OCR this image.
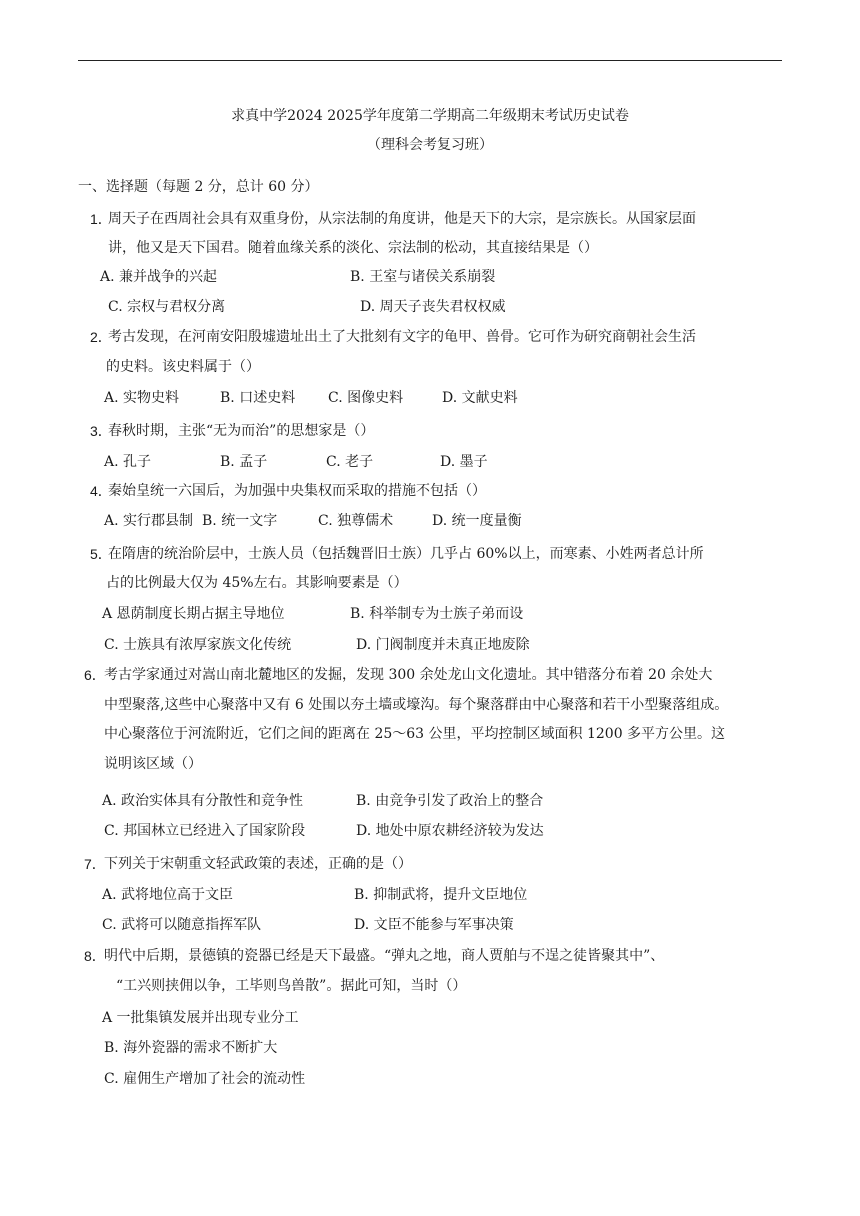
求真中学2024 2025学年度第二学期高二年级期末考试历史试卷
（理科会考复习班）
一、选择题（每题 2 分，总计 60 分）
1．
周天子在西周社会具有双重身份，从宗法制的角度讲，他是天下的大宗，是宗族长。从国家层面
讲，他又是天下国君。随着血缘关系的淡化、宗法制的松动，其直接结果是（）
A. 兼并战争的兴起	B. 王室与诸侯关系崩裂
C. 宗权与君权分离	D. 周天子丧失君权权威
2．
考古发现，在河南安阳殷墟遗址出土了大批刻有文字的龟甲、兽骨。它可作为研究商朝社会生活
的史料。该史料属于（）
A. 实物史料	B. 口述史料 C. 图像史料	D. 文献史料
3．
春秋时期，主张“无为而治”的思想家是（）
A. 孔子	B. 孟子	C. 老子	D. 墨子
4．
秦始皇统一六国后，为加强中央集权而采取的措施不包括（）
A. 实行郡县制 B. 统一文字	C. 独尊儒术	D. 统一度量衡
5．
在隋唐的统治阶层中，士族人员（包括魏晋旧士族）几乎占 60%以上，而寒素、小姓两者总计所
占的比例最大仅为 45%左右。其影响要素是（）
A 恩荫制度长期占据主导地位	B. 科举制专为士族子弟而设
C. 士族具有浓厚家族文化传统	D. 门阀制度并未真正地废除
6．
考古学家通过对嵩山南北麓地区的发掘，发现 300 余处龙山文化遗址。其中错落分布着 20 余处大
中型聚落,这些中心聚落中又有 6 处围以夯土墙或壕沟。每个聚落群由中心聚落和若干小型聚落组成。
中心聚落位于河流附近，它们之间的距离在 25～63 公里，平均控制区域面积 1200 多平方公里。这
说明该区域（）
A. 政治实体具有分散性和竞争性	B. 由竞争引发了政治上的整合
C. 邦国林立已经进入了国家阶段	D. 地处中原农耕经济较为发达
7．
下列关于宋朝重文轻武政策的表述，正确的是（）
A. 武将地位高于文臣	B. 抑制武将，提升文臣地位
C. 武将可以随意指挥军队	D. 文臣不能参与军事决策
8．
明代中后期，景德镇的瓷器已经是天下最盛。“弹丸之地，商人贾舶与不逞之徒皆聚其中”、
“工兴则挟佣以争，工毕则鸟兽散”。据此可知，当时（）
A 一批集镇发展并出现专业分工
B. 海外瓷器的需求不断扩大
C. 雇佣生产增加了社会的流动性
